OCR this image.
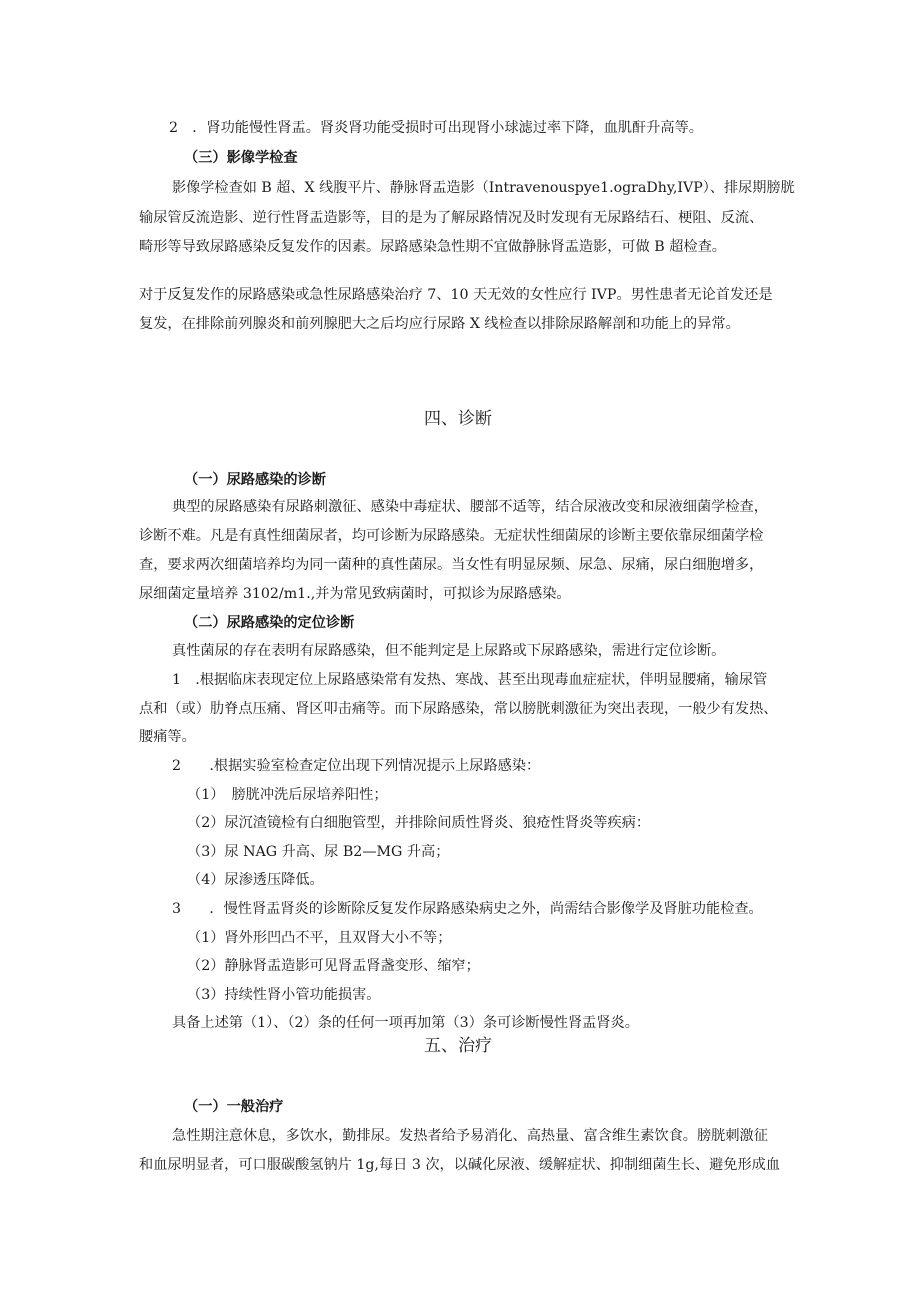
2　．肾功能慢性肾盂。肾炎肾功能受损时可出现肾小球滤过率下降，血肌酐升高等。
（三）影像学检查
影像学检查如 B 超、X 线腹平片、静脉肾盂造影（Intravenouspye1.ograDhy,IVP）、排尿期膀胱
输尿管反流造影、逆行性肾盂造影等，目的是为了解尿路情况及时发现有无尿路结石、梗阻、反流、
畸形等导致尿路感染反复发作的因素。尿路感染急性期不宜做静脉肾盂造影，可做 B 超检查。
对于反复发作的尿路感染或急性尿路感染治疗 7、10 天无效的女性应行 IVP。男性患者无论首发还是
复发，在排除前列腺炎和前列腺肥大之后均应行尿路 X 线检查以排除尿路解剖和功能上的异常。
四、诊断
（一）尿路感染的诊断
典型的尿路感染有尿路刺激征、感染中毒症状、腰部不适等，结合尿液改变和尿液细菌学检查，
诊断不难。凡是有真性细菌尿者，均可诊断为尿路感染。无症状性细菌尿的诊断主要依靠尿细菌学检
查，要求两次细菌培养均为同一菌种的真性菌尿。当女性有明显尿频、尿急、尿痛，尿白细胞增多，
尿细菌定量培养 3102/m1.,并为常见致病菌时，可拟诊为尿路感染。
（二）尿路感染的定位诊断
真性菌尿的存在表明有尿路感染，但不能判定是上尿路或下尿路感染，需进行定位诊断。
1　.根据临床表现定位上尿路感染常有发热、寒战、甚至出现毒血症症状，伴明显腰痛，输尿管
点和（或）肋脊点压痛、肾区叩击痛等。而下尿路感染，常以膀胱刺激征为突出表现，一般少有发热、
腰痛等。
2　　.根据实验室检查定位出现下列情况提示上尿路感染：
（1）　膀胱冲洗后尿培养阳性；
（2）尿沉渣镜检有白细胞管型，并排除间质性肾炎、狼疮性肾炎等疾病：
（3）尿 NAG 升高、尿 B2—MG 升高；
（4）尿渗透压降低。
3　　．慢性肾盂肾炎的诊断除反复发作尿路感染病史之外，尚需结合影像学及肾脏功能检查。
（1）肾外形凹凸不平，且双肾大小不等；
（2）静脉肾盂造影可见肾盂肾盏变形、缩窄；
（3）持续性肾小管功能损害。
具备上述第（1）、（2）条的任何一项再加第（3）条可诊断慢性肾盂肾炎。
五、治疗
（一）一般治疗
急性期注意休息，多饮水，勤排尿。发热者给予易消化、高热量、富含维生素饮食。膀胱刺激征
和血尿明显者，可口服碳酸氢钠片 1g,每日 3 次，以碱化尿液、缓解症状、抑制细菌生长、避免形成血
